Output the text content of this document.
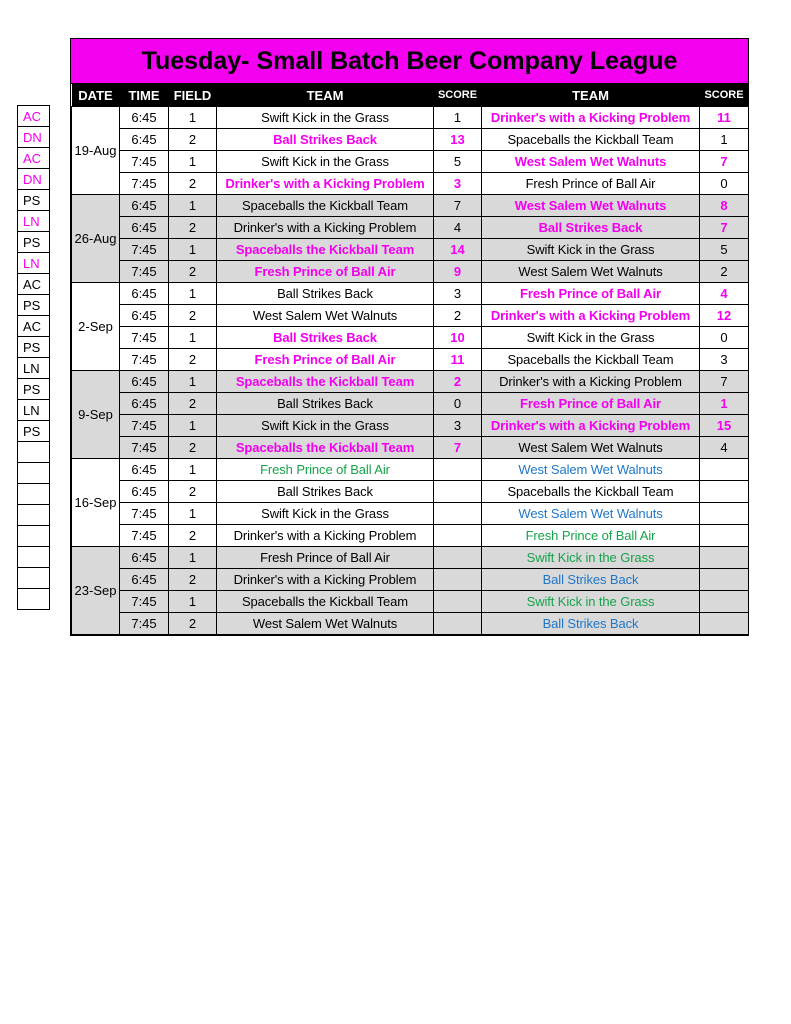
AC
DN
AC
DN
PS
LN
PS
LN
AC
PS
AC
PS
LN
PS
LN
PS

Tuesday- Small Batch Beer Company League
DATE	TIME	FIELD	TEAM	SCORE	TEAM	SCORE
19-Aug	6:45	1	Swift Kick in the Grass	1	Drinker's with a Kicking Problem	11
	6:45	2	Ball Strikes Back	13	Spaceballs the Kickball Team	1
	7:45	1	Swift Kick in the Grass	5	West Salem Wet Walnuts	7
	7:45	2	Drinker's with a Kicking Problem	3	Fresh Prince of Ball Air	0
26-Aug	6:45	1	Spaceballs the Kickball Team	7	West Salem Wet Walnuts	8
	6:45	2	Drinker's with a Kicking Problem	4	Ball Strikes Back	7
	7:45	1	Spaceballs the Kickball Team	14	Swift Kick in the Grass	5
	7:45	2	Fresh Prince of Ball Air	9	West Salem Wet Walnuts	2
2-Sep	6:45	1	Ball Strikes Back	3	Fresh Prince of Ball Air	4
	6:45	2	West Salem Wet Walnuts	2	Drinker's with a Kicking Problem	12
	7:45	1	Ball Strikes Back	10	Swift Kick in the Grass	0
	7:45	2	Fresh Prince of Ball Air	11	Spaceballs the Kickball Team	3
9-Sep	6:45	1	Spaceballs the Kickball Team	2	Drinker's with a Kicking Problem	7
	6:45	2	Ball Strikes Back	0	Fresh Prince of Ball Air	1
	7:45	1	Swift Kick in the Grass	3	Drinker's with a Kicking Problem	15
	7:45	2	Spaceballs the Kickball Team	7	West Salem Wet Walnuts	4
16-Sep	6:45	1	Fresh Prince of Ball Air		West Salem Wet Walnuts	
	6:45	2	Ball Strikes Back		Spaceballs the Kickball Team	
	7:45	1	Swift Kick in the Grass		West Salem Wet Walnuts	
	7:45	2	Drinker's with a Kicking Problem		Fresh Prince of Ball Air	
23-Sep	6:45	1	Fresh Prince of Ball Air		Swift Kick in the Grass	
	6:45	2	Drinker's with a Kicking Problem		Ball Strikes Back	
	7:45	1	Spaceballs the Kickball Team		Swift Kick in the Grass	
	7:45	2	West Salem Wet Walnuts		Ball Strikes Back	
